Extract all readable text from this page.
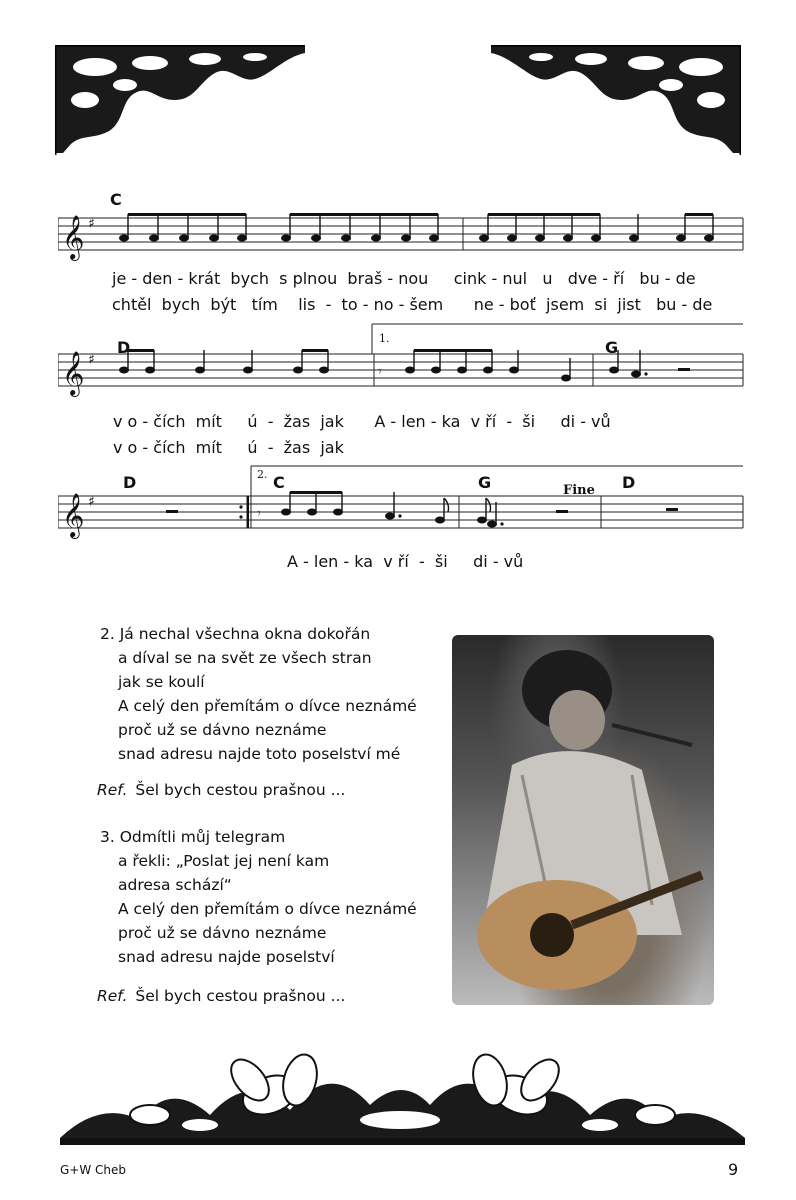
𝄞 ♯
C
je - den - krát  bych  s plnou  braš - nou     cink - nul   u   dve - ří   bu - de
chtěl  bych  být   tím    lis  -  to - no - šem      ne - boť  jsem  si  jist   bu - de
𝄞 ♯
𝄾
D	G
1.
v o - čích  mít     ú  -  žas  jak      A - len - ka  v ří  -  ši     di - vů
v o - čích  mít     ú  -  žas  jak
𝄞 ♯
𝄾
D	C	G	D
2.
Fine
A - len - ka  v ří  -  ši     di - vů
2. Já nechal všechna okna dokořán
a díval se na svět ze všech stran
jak se koulí
A celý den přemítám o dívce neznámé
proč už se dávno neznáme
snad adresu najde toto poselství mé
Ref. Šel bych cestou prašnou ...
3. Odmítli můj telegram
a řekli: „Poslat jej není kam
adresa schází“
A celý den přemítám o dívce neznámé
proč už se dávno neznáme
snad adresu najde poselství
Ref. Šel bych cestou prašnou ...
G+W Cheb	9
